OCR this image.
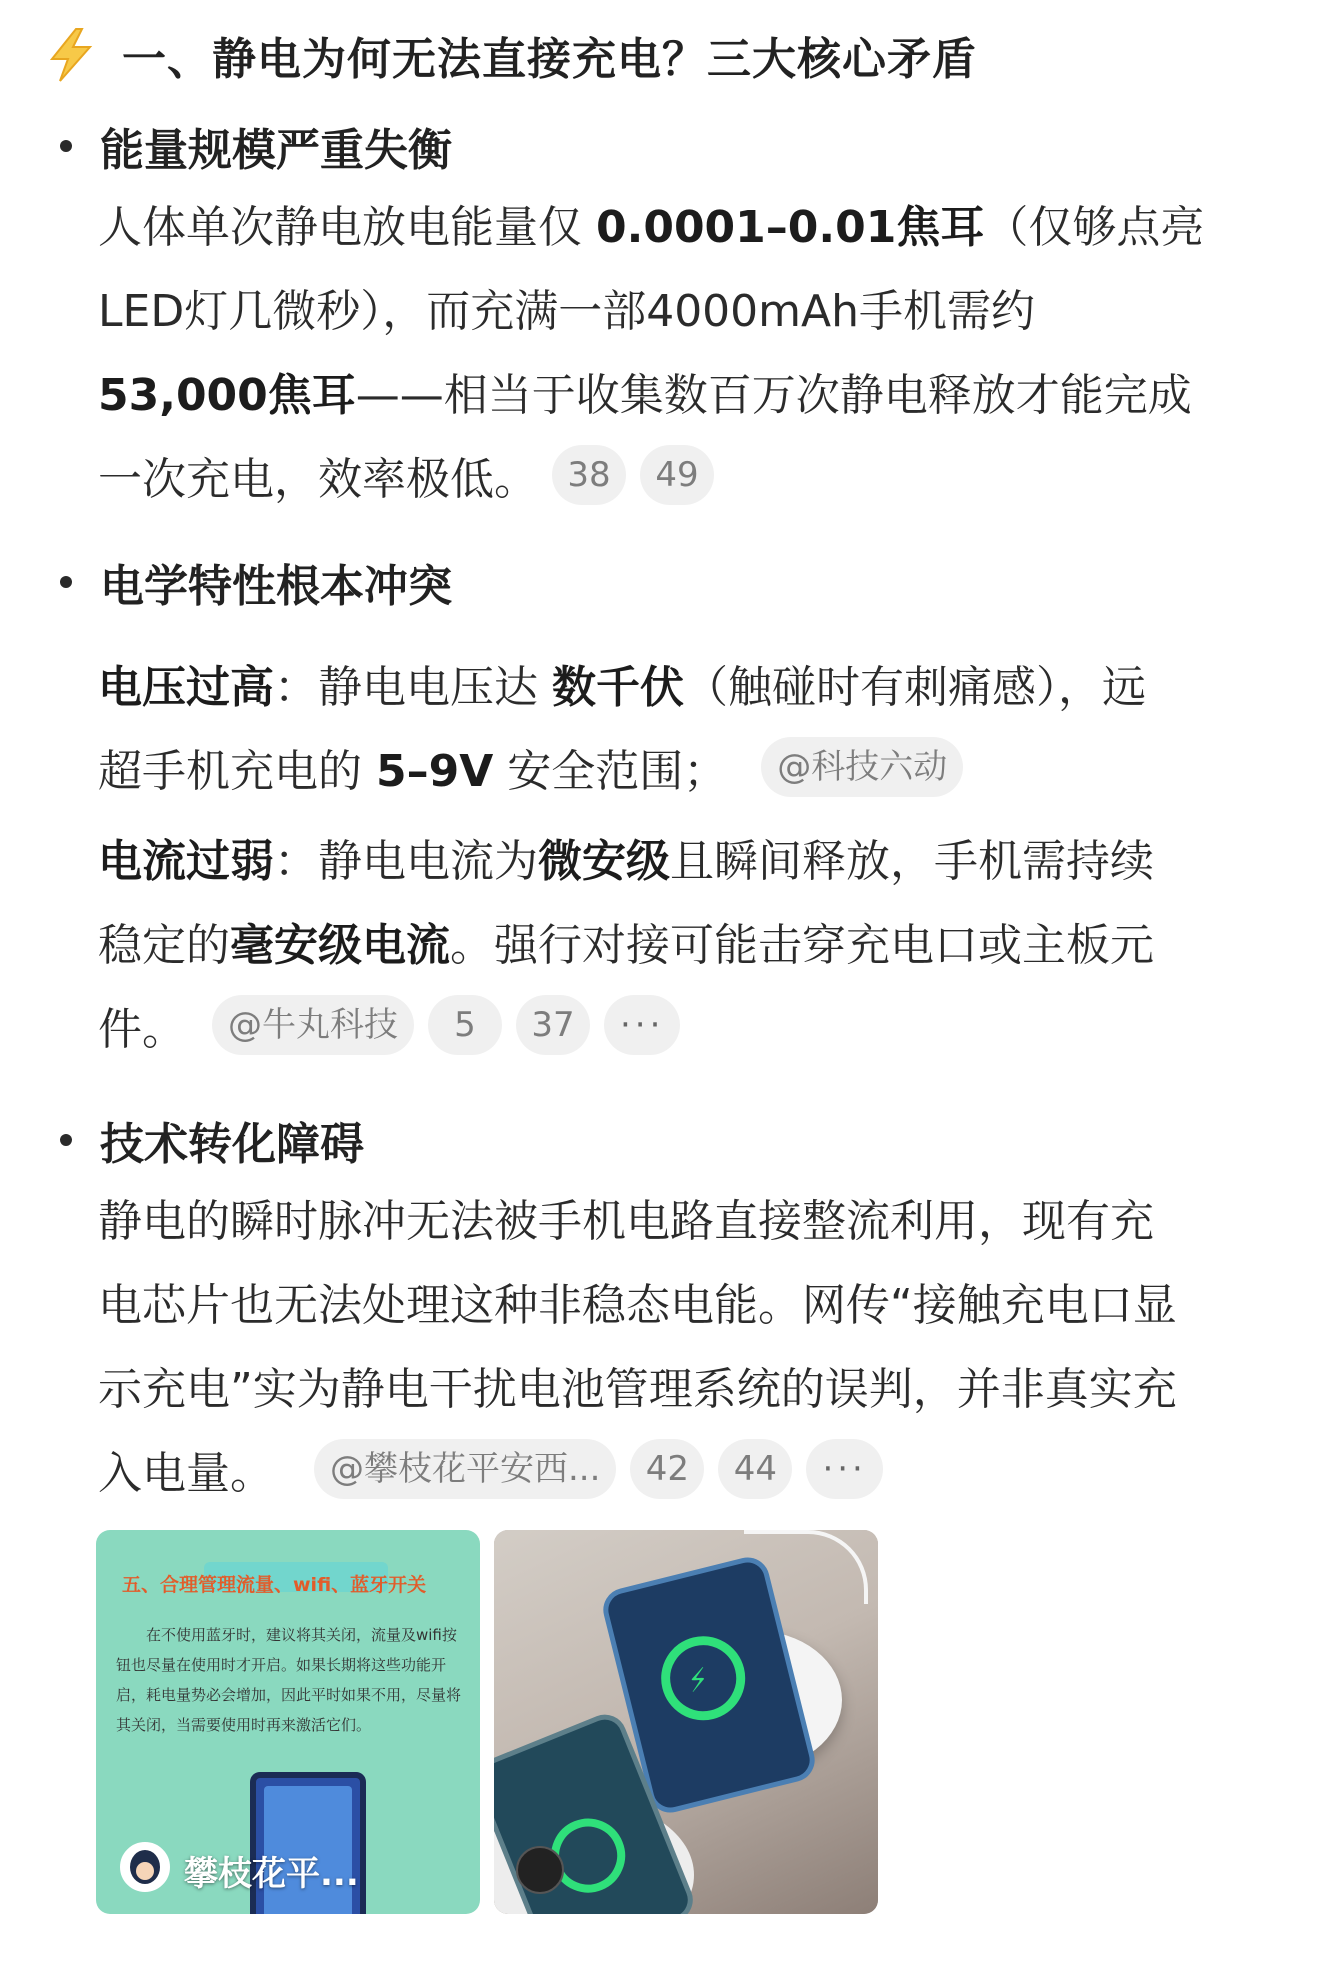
一、静电为何无法直接充电？三大核心矛盾
能量规模严重失衡
人体单次静电放电能量仅 0.0001–0.01焦耳（仅够点亮
LED灯几微秒），而充满一部4000mAh手机需约
53,000焦耳——相当于收集数百万次静电释放才能完成
一次充电，效率极低。 38 49
电学特性根本冲突
电压过高：静电电压达 数千伏（触碰时有刺痛感），远
超手机充电的 5–9V 安全范围； @科技六动
电流过弱：静电电流为微安级且瞬间释放，手机需持续
稳定的毫安级电流。强行对接可能击穿充电口或主板元
件。 @牛丸科技 5 37 ···
技术转化障碍
静电的瞬时脉冲无法被手机电路直接整流利用，现有充
电芯片也无法处理这种非稳态电能。网传“接触充电口显
示充电”实为静电干扰电池管理系统的误判，并非真实充
入电量。 @攀枝花平安西... 42 44 ···
五、合理管理流量、wifi、蓝牙开关
在不使用蓝牙时，建议将其关闭，流量及wifi按钮也尽量在使用时才开启。如果长期将这些功能开启，耗电量势必会增加，因此平时如果不用，尽量将其关闭，当需要使用时再来激活它们。
攀枝花平...
⚡
